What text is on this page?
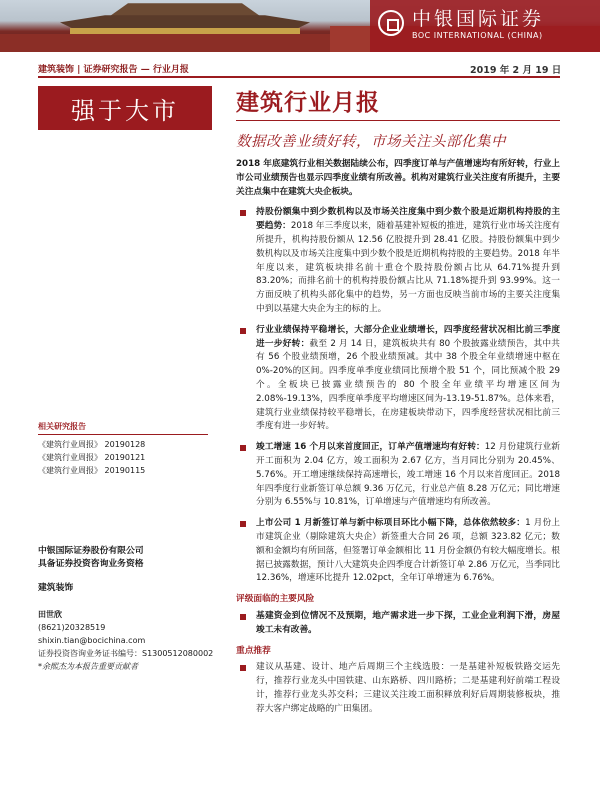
中银国际证券
BOC INTERNATIONAL (CHINA)
建筑装饰 | 证券研究报告 — 行业月报	2019 年 2 月 19 日
强于大市	建筑行业月报
数据改善业绩好转，市场关注头部化集中

2018 年底建筑行业相关数据陆续公布，四季度订单与产值增速均有所好转，行业上市公司业绩预告也显示四季度业绩有所改善。机构对建筑行业关注度有所提升，主要关注点集中在建筑大央企板块。

持股份额集中到少数机构以及市场关注度集中到少数个股是近期机构持股的主要趋势：2018 年三季度以来，随着基建补短板的推进，建筑行业市场关注度有所提升，机构持股份额从 12.56 亿股提升到 28.41 亿股。持股份额集中到少数机构以及市场关注度集中到少数个股是近期机构持股的主要趋势。2018 年半年度以来，建筑板块排名前十重仓个股持股份额占比从 64.71%提升到 83.20%；而排名前十的机构持股份额占比从 71.18%提升到 93.99%。这一方面反映了机构头部化集中的趋势，另一方面也反映当前市场的主要关注度集中到以基建大央企为主的标的上。

行业业绩保持平稳增长，大部分企业业绩增长，四季度经营状况相比前三季度进一步好转：截至 2 月 14 日，建筑板块共有 80 个股披露业绩预告，其中共有 56 个股业绩预增，26 个股业绩预减。其中 38 个股全年业绩增速中枢在 0%-20%的区间。四季度单季度业绩同比预增个股 51 个，同比预减个股 29 个。全板块已披露业绩预告的 80 个股全年业绩平均增速区间为 2.08%-19.13%，四季度单季度平均增速区间为-13.19-51.87%。总体来看，建筑行业业绩保持较平稳增长，在房建板块带动下，四季度经营状况相比前三季度有进一步好转。

竣工增速 16 个月以来首度回正，订单产值增速均有好转：12 月份建筑行业新开工面积为 2.04 亿方，竣工面积为 2.67 亿方，当月同比分别为 20.45%、5.76%。开工增速继续保持高速增长，竣工增速 16 个月以来首度回正。2018 年四季度行业新签订单总额 9.36 万亿元，行业总产值 8.28 万亿元；同比增速分别为 6.55%与 10.81%，订单增速与产值增速均有所改善。

上市公司 1 月新签订单与新中标项目环比小幅下降，总体依然较多：1 月份上市建筑企业（剔除建筑大央企）新签重大合同 26 项，总额 323.82 亿元；数额和金额均有所回落，但签署订单金额相比 11 月份金额仍有较大幅度增长。根据已披露数据，预计八大建筑央企四季度合计新签订单 2.86 万亿元，当季同比 12.36%，增速环比提升 12.02pct，全年订单增速为 6.76%。

评级面临的主要风险

基建资金到位情况不及预期，地产需求进一步下探，工业企业利润下滑，房屋竣工未有改善。

重点推荐

建议从基建、设计、地产后周期三个主线选股：一是基建补短板铁路交运先行，推荐行业龙头中国铁建、山东路桥、四川路桥；二是基建利好前端工程设计，推荐行业龙头苏交科；三建议关注竣工面积释放利好后周期装修板块，推荐大客户绑定战略的广田集团。

相关研究报告
《建筑行业周报》 20190128
《建筑行业周报》 20190121
《建筑行业周报》 20190115
中银国际证券股份有限公司
具备证券投资咨询业务资格
建筑装饰
田世欣
(8621)20328519
shixin.tian@bocichina.com
证券投资咨询业务证书编号：S1300512080002
*余熙杰为本报告重要贡献者
